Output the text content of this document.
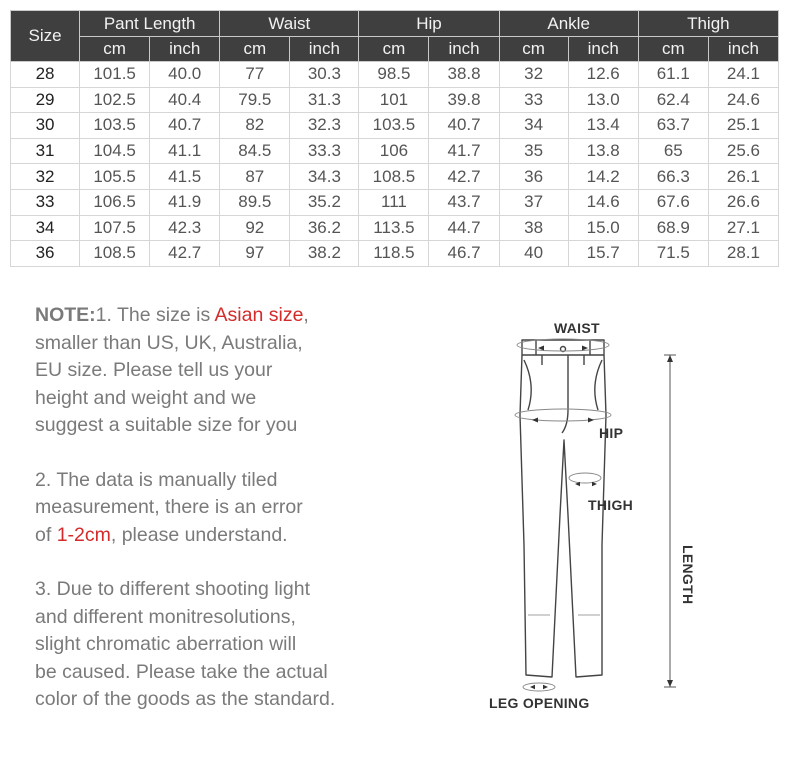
Size	Pant Length		Waist		Hip		Ankle		Thigh	
	cm	inch	cm	inch	cm	inch	cm	inch	cm	inch
28	101.5	40.0	77	30.3	98.5	38.8	32	12.6	61.1	24.1
29	102.5	40.4	79.5	31.3	101	39.8	33	13.0	62.4	24.6
30	103.5	40.7	82	32.3	103.5	40.7	34	13.4	63.7	25.1
31	104.5	41.1	84.5	33.3	106	41.7	35	13.8	65	25.6
32	105.5	41.5	87	34.3	108.5	42.7	36	14.2	66.3	26.1
33	106.5	41.9	89.5	35.2	111	43.7	37	14.6	67.6	26.6
34	107.5	42.3	92	36.2	113.5	44.7	38	15.0	68.9	27.1
36	108.5	42.7	97	38.2	118.5	46.7	40	15.7	71.5	28.1

NOTE:1. The size is Asian size,
smaller than US, UK, Australia,
EU size. Please tell us your
height and weight and we
suggest a suitable size for you

2. The data is manually tiled
measurement, there is an error
of 1-2cm, please understand.

3. Due to different shooting light
and different monitresolutions,
slight chromatic aberration will
be caused. Please take the actual
color of the goods as the standard.

WAIST
HIP
THIGH
LENGTH
LEG OPENING
